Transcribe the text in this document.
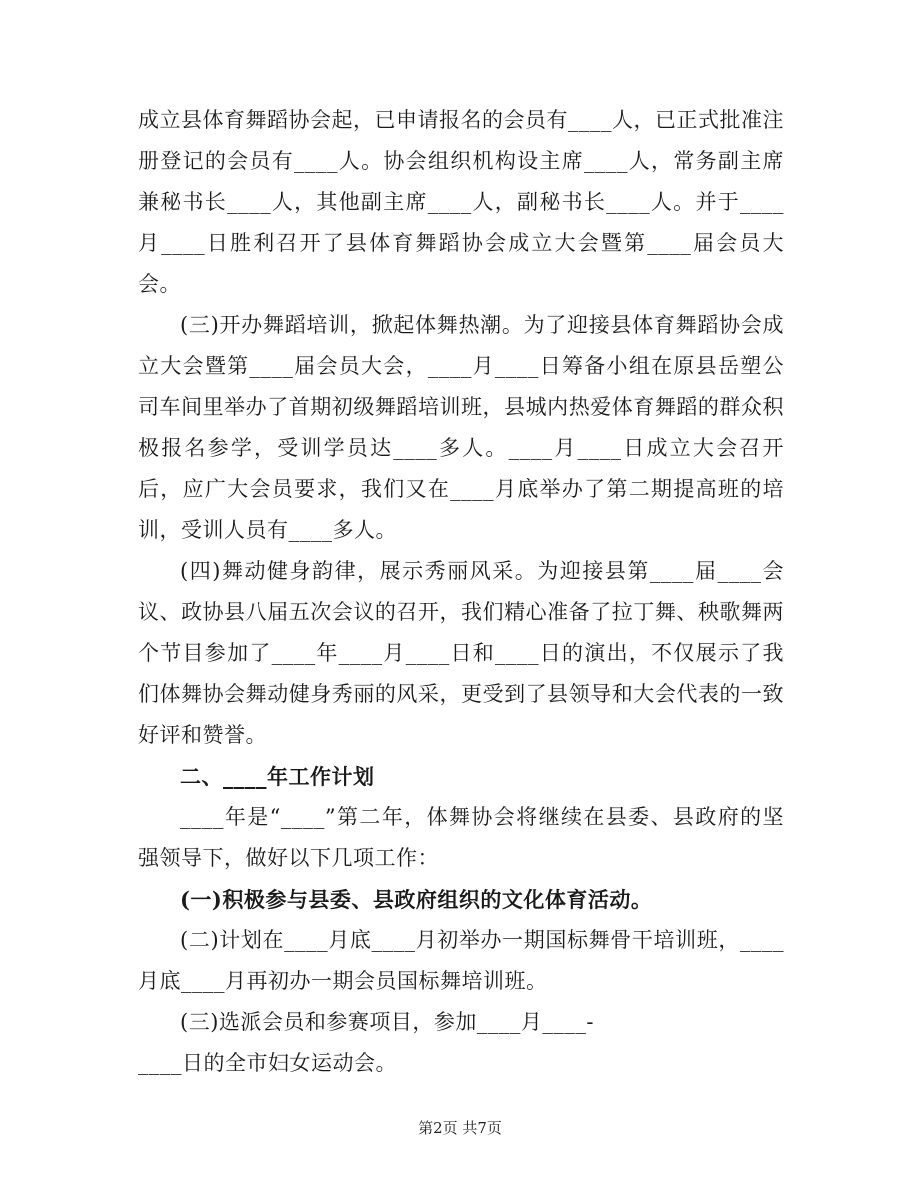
成立县体育舞蹈协会起，已申请报名的会员有____人，已正式批准注册登记的会员有____人。协会组织机构设主席____人，常务副主席兼秘书长____人，其他副主席____人，副秘书长____人。并于____月____日胜利召开了县体育舞蹈协会成立大会暨第____届会员大会。

(三)开办舞蹈培训，掀起体舞热潮。为了迎接县体育舞蹈协会成立大会暨第____届会员大会，____月____日筹备小组在原县岳塑公司车间里举办了首期初级舞蹈培训班，县城内热爱体育舞蹈的群众积极报名参学，受训学员达____多人。____月____日成立大会召开后，应广大会员要求，我们又在____月底举办了第二期提高班的培训，受训人员有____多人。

(四)舞动健身韵律，展示秀丽风采。为迎接县第____届____会议、政协县八届五次会议的召开，我们精心准备了拉丁舞、秧歌舞两个节目参加了____年____月____日和____日的演出，不仅展示了我们体舞协会舞动健身秀丽的风采，更受到了县领导和大会代表的一致好评和赞誉。

二、____年工作计划

____年是“____”第二年，体舞协会将继续在县委、县政府的坚强领导下，做好以下几项工作：

(一)积极参与县委、县政府组织的文化体育活动。

(二)计划在____月底____月初举办一期国标舞骨干培训班，____月底____月再初办一期会员国标舞培训班。

(三)选派会员和参赛项目，参加____月____-

____日的全市妇女运动会。

第2页 共7页
